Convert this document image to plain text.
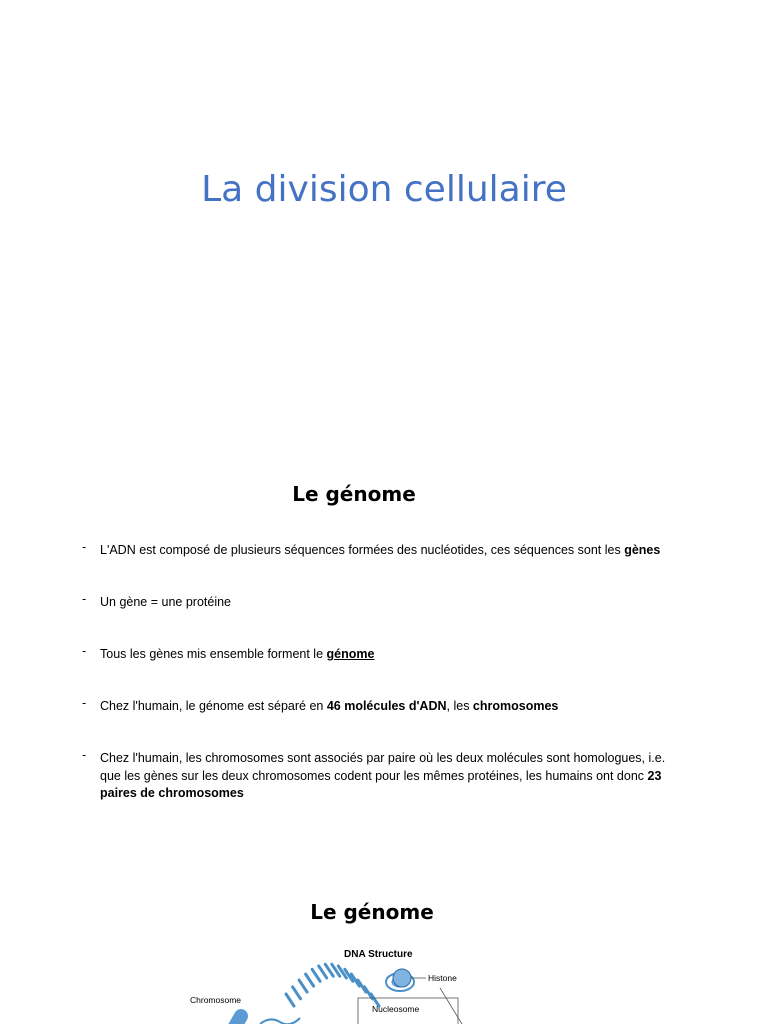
La division cellulaire
Le génome
- L'ADN est composé de plusieurs séquences formées des nucléotides, ces séquences sont les gènes
- Un gène = une protéine
- Tous les gènes mis ensemble forment le génome
- Chez l'humain, le génome est séparé en 46 molécules d'ADN, les chromosomes
- Chez l'humain, les chromosomes sont associés par paire où les deux molécules sont homologues, i.e. que les gènes sur les deux chromosomes codent pour les mêmes protéines, les humains ont donc 23 paires de chromosomes
Le génome
DNA Structure
Histone
Nucleosome
Chromosome
